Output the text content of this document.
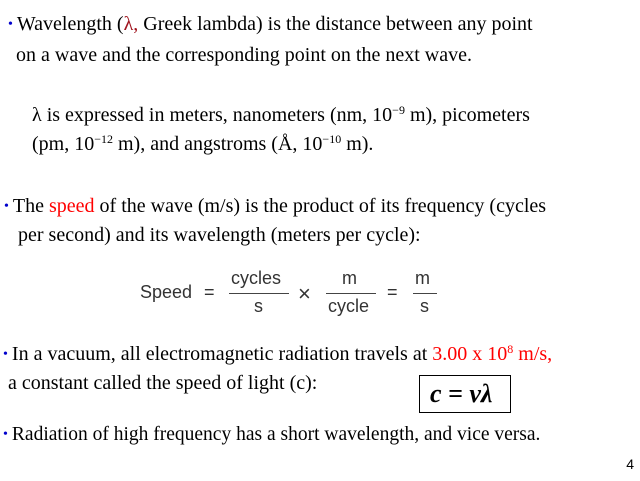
• Wavelength (λ, Greek lambda) is the distance between any point
on a wave and the corresponding point on the next wave.
λ is expressed in meters, nanometers (nm, $10^{-9}$ m), picometers
(pm, $10^{-12}$ m), and angstroms (Å, $10^{-10}$ m).
• The speed of the wave (m/s) is the product of its frequency (cycles
per second) and its wavelength (meters per cycle):
Speed =
cycles
s ×
m
cycle
=
m
s
• In a vacuum, all electromagnetic radiation travels at 3.00 x $10^8$ m/s,
a constant called the speed of light (c):	c = νλ
• Radiation of high frequency has a short wavelength, and vice versa.
4
